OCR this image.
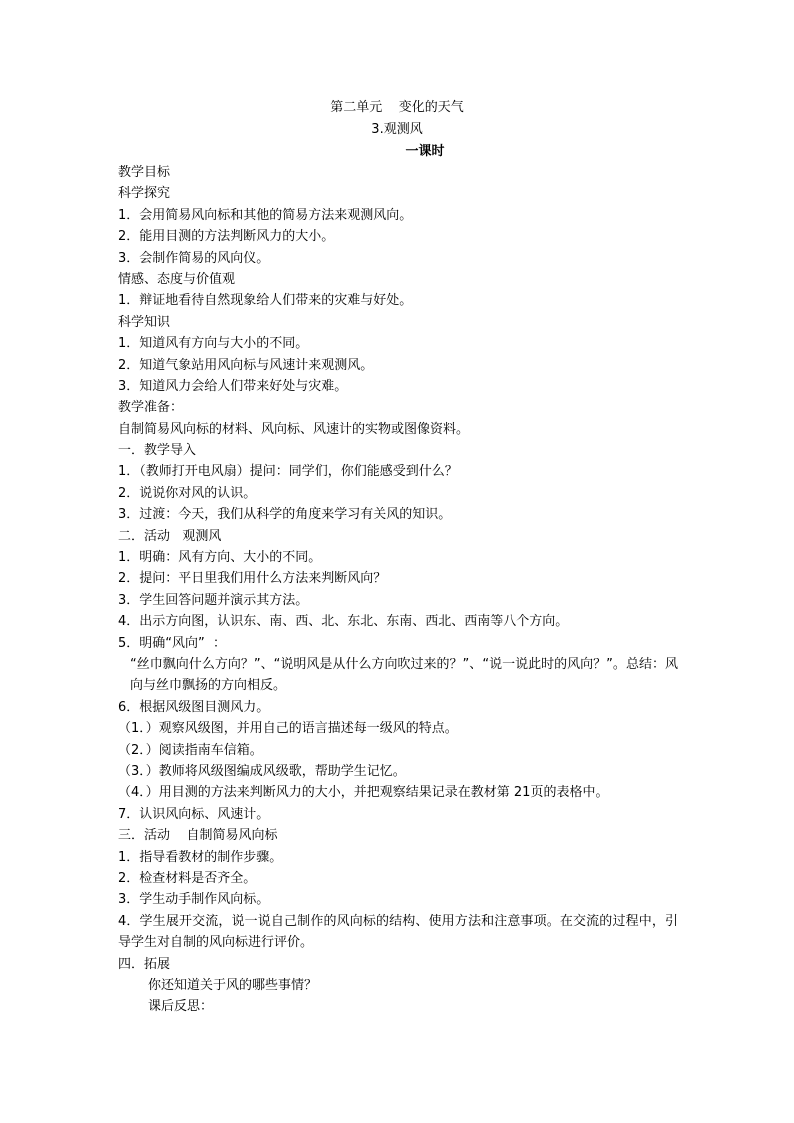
第二单元    变化的天气
3.观测风
一课时
教学目标
科学探究
1．会用简易风向标和其他的简易方法来观测风向。
2．能用目测的方法判断风力的大小。
3．会制作简易的风向仪。
情感、态度与价值观
1．辩证地看待自然现象给人们带来的灾难与好处。
科学知识
1．知道风有方向与大小的不同。
2．知道气象站用风向标与风速计来观测风。
3．知道风力会给人们带来好处与灾难。
教学准备：
自制简易风向标的材料、风向标、风速计的实物或图像资料。
一．教学导入
1．（教师打开电风扇）提问：同学们，你们能感受到什么？
2．说说你对风的认识。
3．过渡：今天，我们从科学的角度来学习有关风的知识。
二．活动   观测风
1．明确：风有方向、大小的不同。
2．提问：平日里我们用什么方法来判断风向？
3．学生回答问题并演示其方法。
4．出示方向图，认识东、南、西、北、东北、东南、西北、西南等八个方向。
5．明确“风向”  ：
“丝巾飘向什么方向？”、“说明风是从什么方向吹过来的？”、“说一说此时的风向？”。总结：风向与丝巾飘扬的方向相反。
6．根据风级图目测风力。
（1．）观察风级图，并用自己的语言描述每一级风的特点。
（2．）阅读指南车信箱。
（3．）教师将风级图编成风级歌，帮助学生记忆。
（4．）用目测的方法来判断风力的大小，并把观察结果记录在教材第 21页的表格中。
7．认识风向标、风速计。
三．活动    自制简易风向标
1．指导看教材的制作步骤。
2．检查材料是否齐全。
3．学生动手制作风向标。
4．学生展开交流，说一说自己制作的风向标的结构、使用方法和注意事项。在交流的过程中，引导学生对自制的风向标进行评价。
四．拓展
你还知道关于风的哪些事情？
课后反思：
